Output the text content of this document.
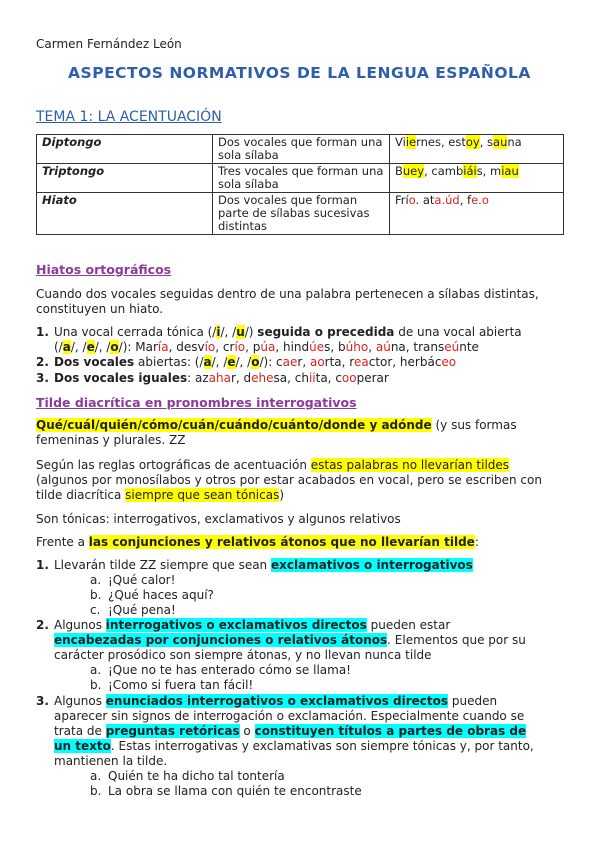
Carmen Fernández León
ASPECTOS NORMATIVOS DE LA LENGUA ESPAÑOLA
TEMA 1: LA ACENTUACIÓN
Diptongo	Dos vocales que forman una sola sílaba	Viiernes, estoy, sauna
Triptongo	Tres vocales que forman una sola sílaba	Buey, cambiáis, miau
Hiato	Dos vocales que forman parte de sílabas sucesivas distintas	Frío. ata.úd, fe.o
Hiatos ortográficos
Cuando dos vocales seguidas dentro de una palabra pertenecen a sílabas distintas, constituyen un hiato.
1. Una vocal cerrada tónica (/i/, /u/) seguida o precedida de una vocal abierta
(/a/, /e/, /o/): María, desvío, crío, púa, hindúes, búho, aúna, transeúnte
2. Dos vocales abiertas: (/a/, /e/, /o/): caer, aorta, reactor, herbáceo
3. Dos vocales iguales: azahar, dehesa, chiita, cooperar
Tilde diacrítica en pronombres interrogativos
Qué/cuál/quién/cómo/cuán/cuándo/cuánto/donde y adónde (y sus formas
femeninas y plurales. ZZ
Según las reglas ortográficas de acentuación estas palabras no llevarían tildes
(algunos por monosílabos y otros por estar acabados en vocal, pero se escriben con
tilde diacrítica siempre que sean tónicas)
Son tónicas: interrogativos, exclamativos y algunos relativos
Frente a las conjunciones y relativos átonos que no llevarían tilde:
1. Llevarán tilde ZZ siempre que sean exclamativos o interrogativos
a. ¡Qué calor!
b. ¿Qué haces aquí?
c. ¡Qué pena!
2. Algunos interrogativos o exclamativos directos pueden estar
encabezadas por conjunciones o relativos átonos. Elementos que por su
carácter prosódico son siempre átonas, y no llevan nunca tilde
a. ¡Que no te has enterado cómo se llama!
b. ¡Como si fuera tan fácil!
3. Algunos enunciados interrogativos o exclamativos directos pueden
aparecer sin signos de interrogación o exclamación. Especialmente cuando se
trata de preguntas retóricas o constituyen títulos a partes de obras de
un texto. Estas interrogativas y exclamativas son siempre tónicas y, por tanto,
mantienen la tilde.
a. Quién te ha dicho tal tontería
b. La obra se llama con quién te encontraste
